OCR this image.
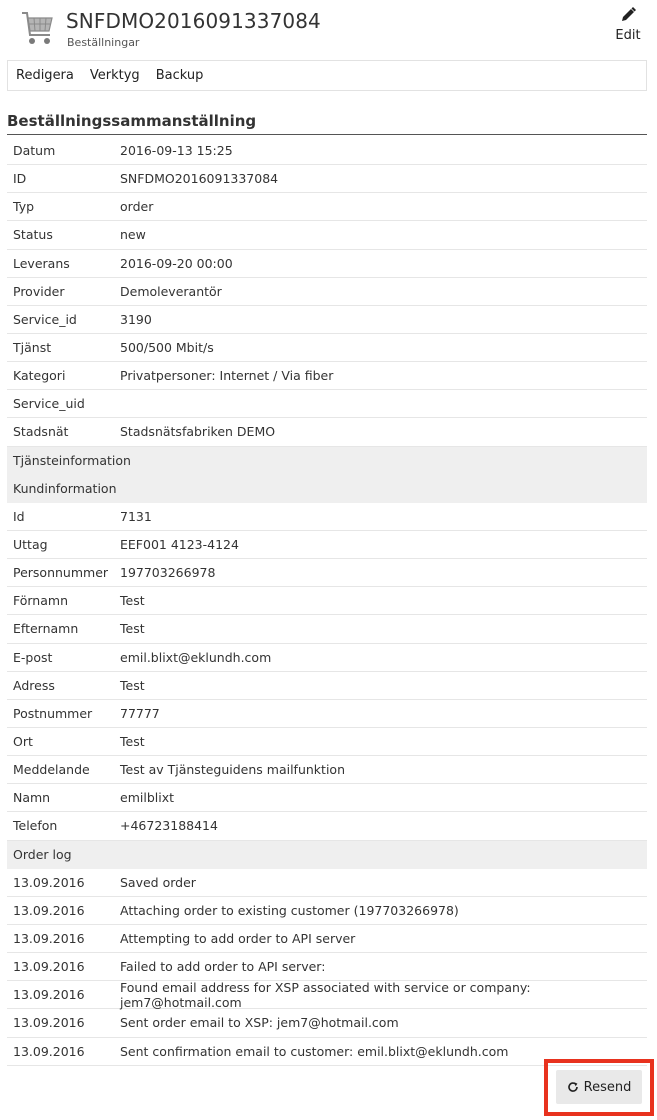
SNFDMO2016091337084
Beställningar	Edit
Redigera Verktyg Backup
Beställningssammanställning
Datum	2016-09-13 15:25
ID	SNFDMO2016091337084
Typ	order
Status	new
Leverans	2016-09-20 00:00
Provider	Demoleverantör
Service_id	3190
Tjänst	500/500 Mbit/s
Kategori	Privatpersoner: Internet / Via fiber
Service_uid
Stadsnät	Stadsnätsfabriken DEMO
Tjänsteinformation
Kundinformation
Id	7131
Uttag	EEF001 4123-4124
Personnummer 197703266978
Förnamn	Test
Efternamn	Test
E-post	emil.blixt@eklundh.com
Adress	Test
Postnummer	77777
Ort	Test
Meddelande	Test av Tjänsteguidens mailfunktion
Namn	emilblixt
Telefon	+46723188414
Order log
13.09.2016	Saved order
13.09.2016	Attaching order to existing customer (197703266978)
13.09.2016	Attempting to add order to API server
13.09.2016	Failed to add order to API server:
13.09.2016	Found email address for XSP associated with service or company: jem7@hotmail.com
13.09.2016	Sent order email to XSP: jem7@hotmail.com
13.09.2016	Sent confirmation email to customer: emil.blixt@eklundh.com
Resend
